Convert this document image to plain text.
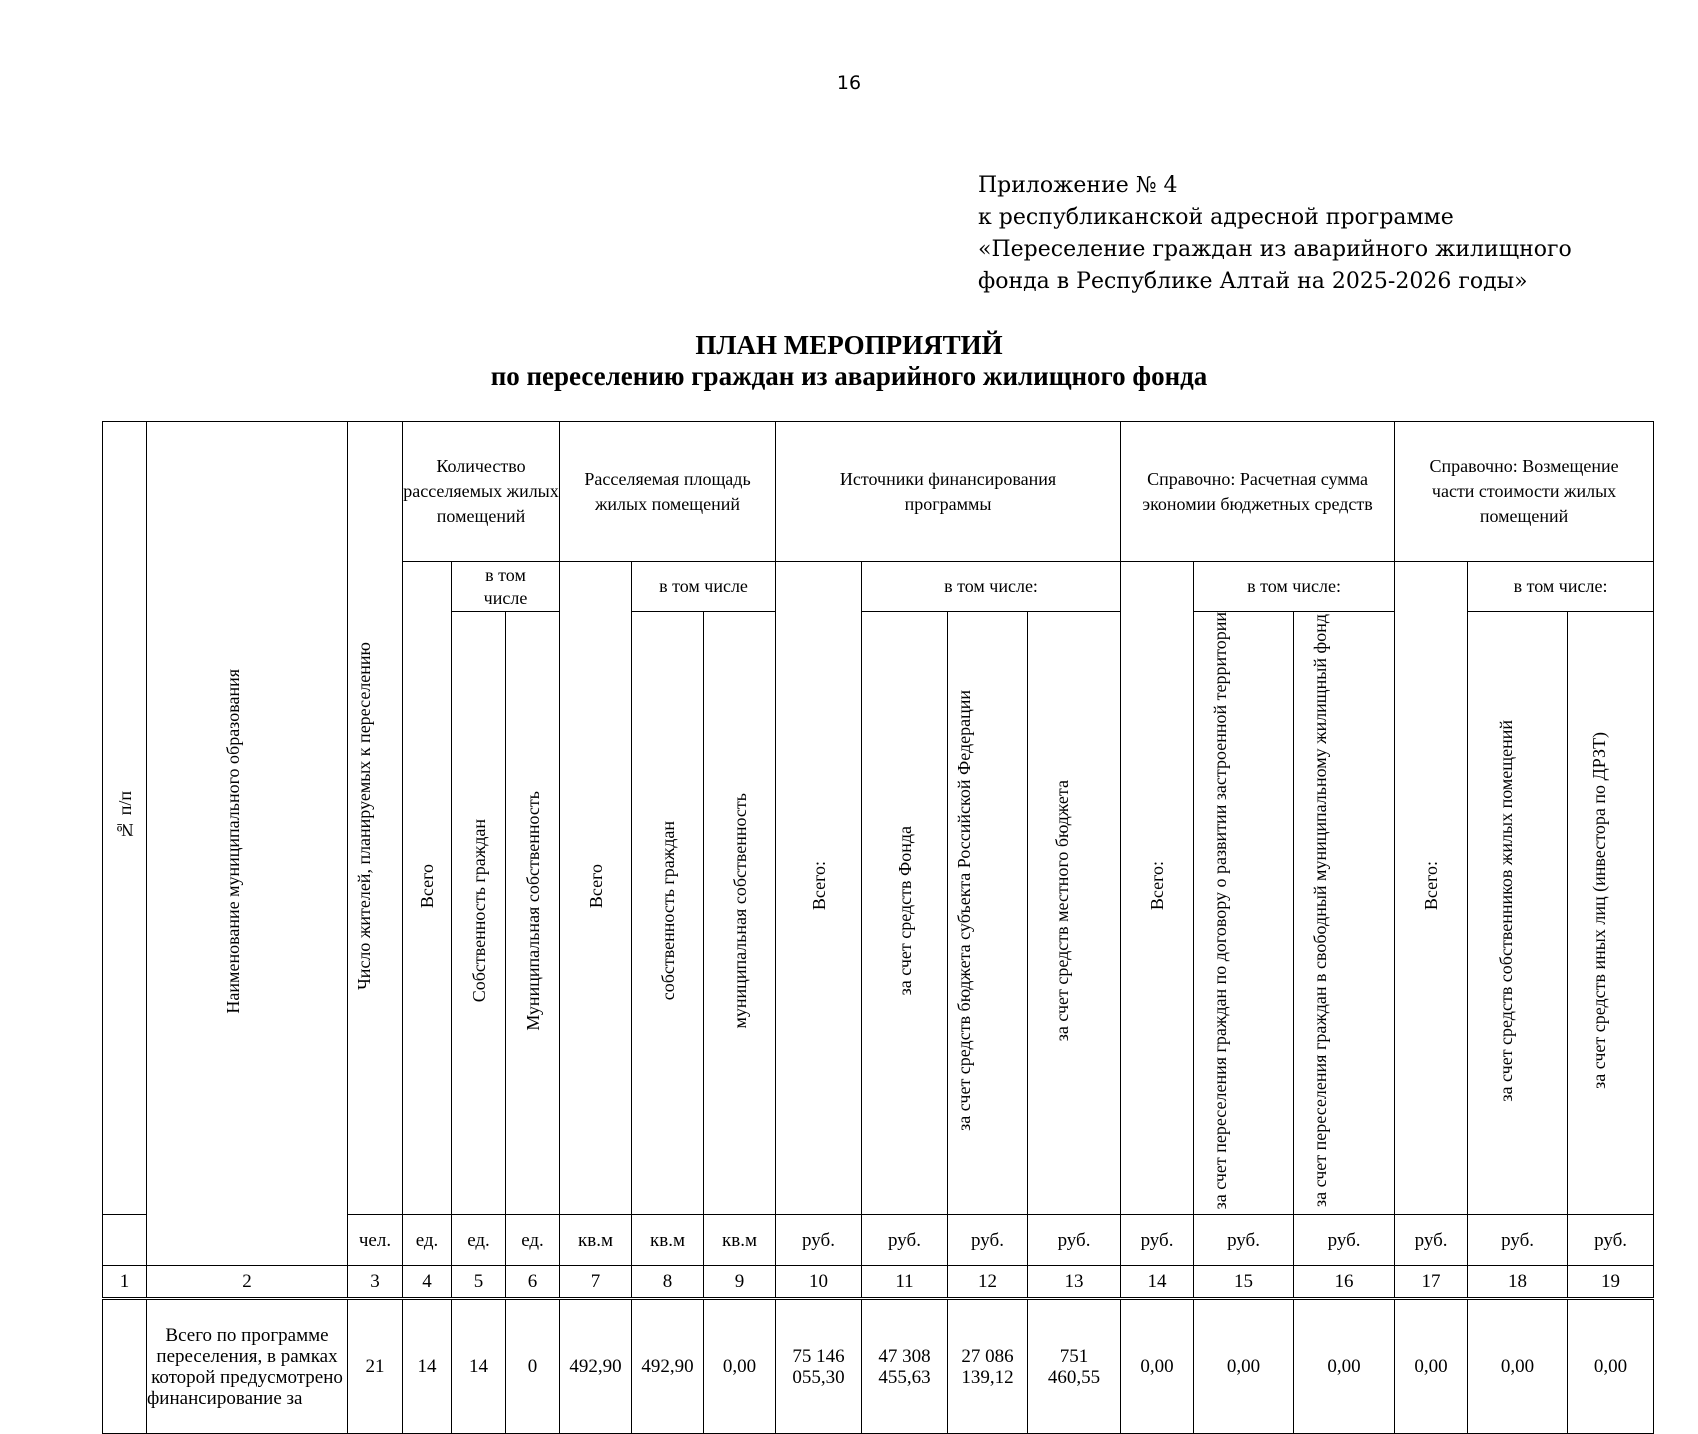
16
Приложение № 4
к республиканской адресной программе
«Переселение граждан из аварийного жилищного
фонда в Республике Алтай на 2025-2026 годы»
ПЛАН МЕРОПРИЯТИЙ
по переселению граждан из аварийного жилищного фонда
№ п/п	Наименование муниципального образования	Число жителей, планируемых к переселению	Количество расселяемых жилых помещений			Расселяемая площадь жилых помещений			Источники финансирования программы				Справочно: Расчетная сумма экономии бюджетных средств			Справочно: Возмещение части стоимости жилых помещений		
			Всего	в том числе		Всего	в том числе		Всего:	в том числе:			Всего:	в том числе:		Всего:	в том числе:	
				Собственность граждан	Муниципальная собственность		собственность граждан	муниципальная собственность		за счет средств Фонда	за счет средств бюджета субъекта Российской Федерации	за счет средств местного бюджета		за счет переселения граждан по договору о развитии застроенной территории	за счет переселения граждан в свободный муниципальному жилищный фонд		за счет средств собственников жилых помещений	за счет средств иных лиц (инвестора по ДРЗТ)
		чел.	ед.	ед.	ед.	кв.м	кв.м	кв.м	руб.	руб.	руб.	руб.	руб.	руб.	руб.	руб.	руб.	руб.
1	2	3	4	5	6	7	8	9	10	11	12	13	14	15	16	17	18	19
	Всего по программе переселения, в рамках которой предусмотрено финансирование за	21	14	14	0	492,90	492,90	0,00	75 146 055,30	47 308 455,63	27 086 139,12	751 460,55	0,00	0,00	0,00	0,00	0,00	0,00
